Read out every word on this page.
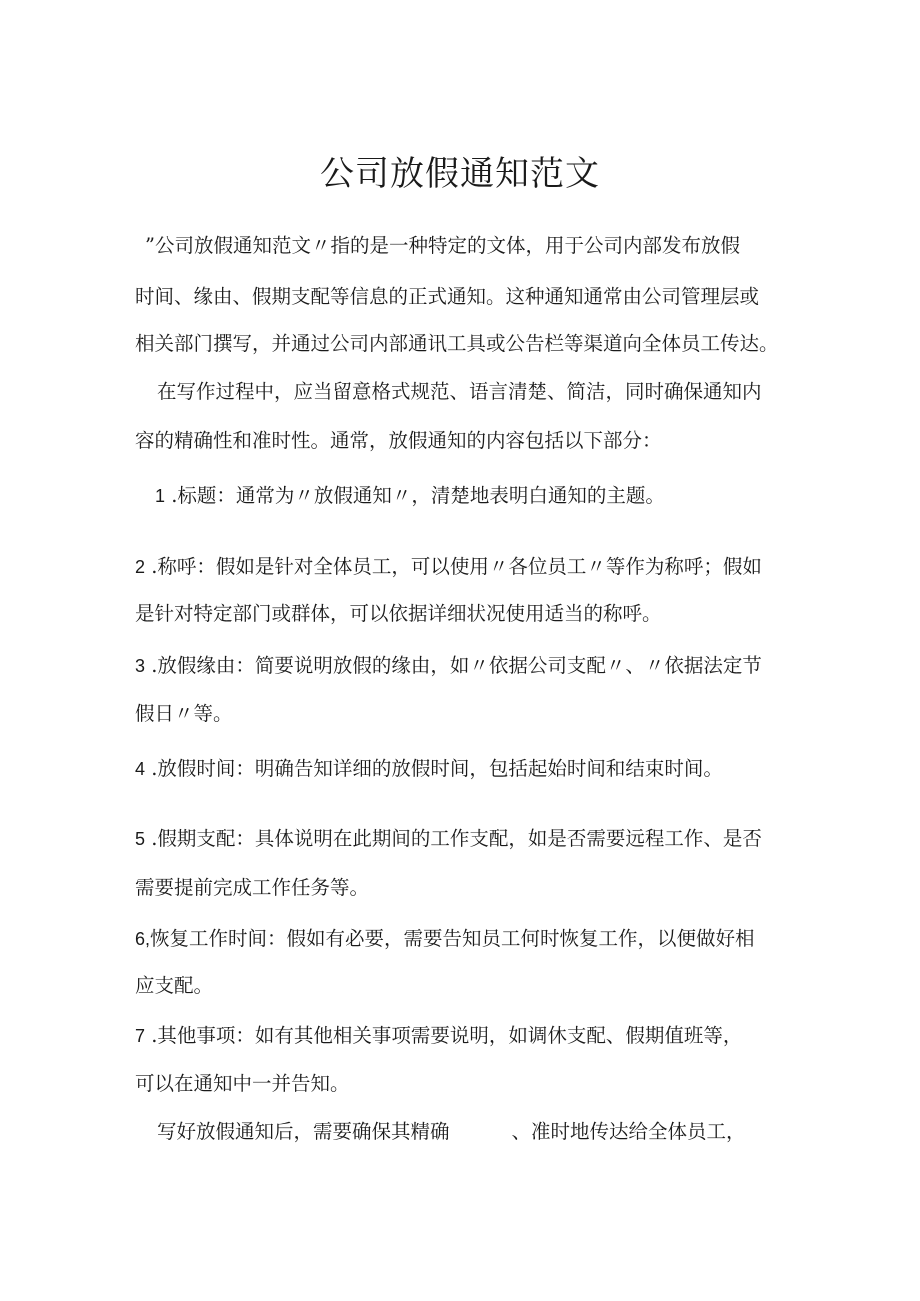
公司放假通知范文

”公司放假通知范文〃指的是一种特定的文体，用于公司内部发布放假

时间、缘由、假期支配等信息的正式通知。这种通知通常由公司管理层或

相关部门撰写，并通过公司内部通讯工具或公告栏等渠道向全体员工传达。

在写作过程中，应当留意格式规范、语言清楚、简洁，同时确保通知内

容的精确性和准时性。通常，放假通知的内容包括以下部分：

1 .标题：通常为〃放假通知〃，清楚地表明白通知的主题。

2 .称呼：假如是针对全体员工，可以使用〃各位员工〃等作为称呼；假如

是针对特定部门或群体，可以依据详细状况使用适当的称呼。

3 .放假缘由：简要说明放假的缘由，如〃依据公司支配〃、〃依据法定节

假日〃等。

4 .放假时间：明确告知详细的放假时间，包括起始时间和结束时间。

5 .假期支配：具体说明在此期间的工作支配，如是否需要远程工作、是否

需要提前完成工作任务等。

6,恢复工作时间：假如有必要，需要告知员工何时恢复工作，以便做好相

应支配。

7 .其他事项：如有其他相关事项需要说明，如调休支配、假期值班等，

可以在通知中一并告知。

写好放假通知后，需要确保其精确	、准时地传达给全体员工，
